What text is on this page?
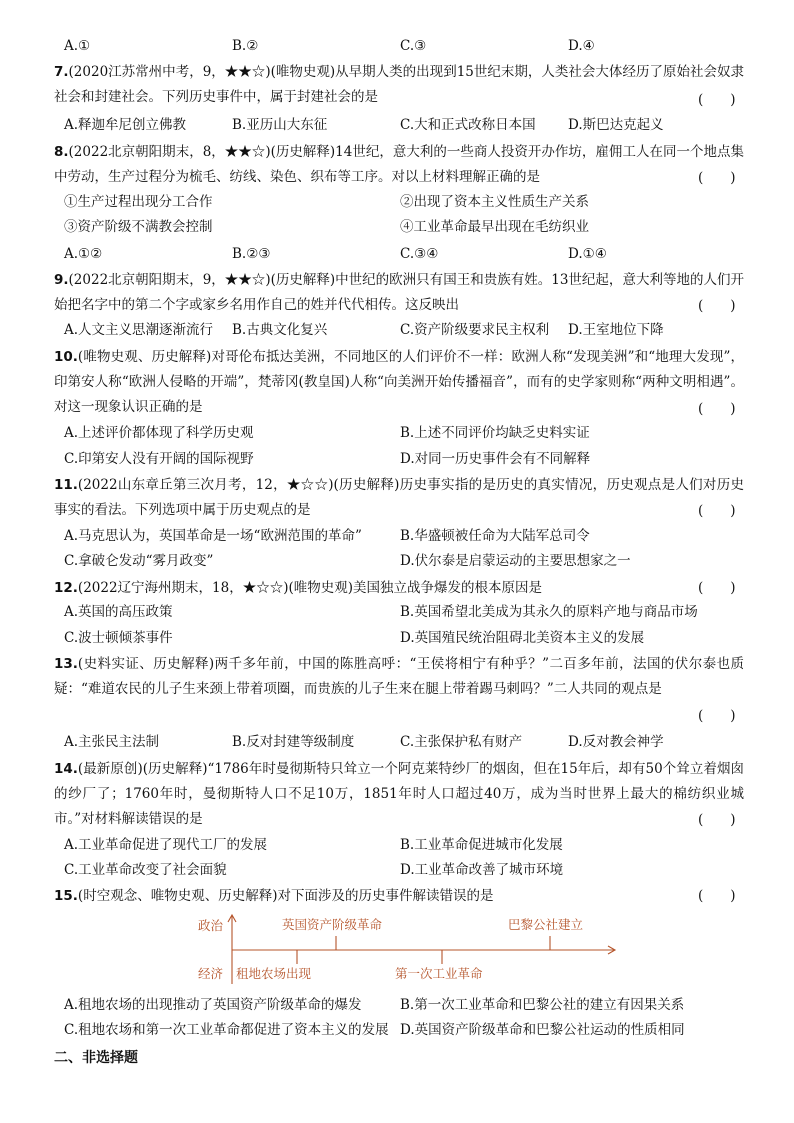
A.①	B.②	C.③	D.④
7.(2020江苏常州中考，9，★★☆)(唯物史观)从早期人类的出现到15世纪末期，人类社会大体经历了原始社会奴隶社会和封建社会。下列历史事件中，属于封建社会的是	(　　)
A.释迦牟尼创立佛教	B.亚历山大东征	C.大和正式改称日本国 D.斯巴达克起义
8.(2022北京朝阳期末，8，★★☆)(历史解释)14世纪，意大利的一些商人投资开办作坊，雇佣工人在同一个地点集中劳动，生产过程分为梳毛、纺线、染色、织布等工序。对以上材料理解正确的是	(　　)
①生产过程出现分工合作	②出现了资本主义性质生产关系
③资产阶级不满教会控制	④工业革命最早出现在毛纺织业
A.①②	B.②③	C.③④	D.①④
9.(2022北京朝阳期末，9，★★☆)(历史解释)中世纪的欧洲只有国王和贵族有姓。13世纪起，意大利等地的人们开始把名字中的第二个字或家乡名用作自己的姓并代代相传。这反映出	(　　)
A.人文主义思潮逐渐流行 B.古典文化复兴	C.资产阶级要求民主权利 D.王室地位下降
10.(唯物史观、历史解释)对哥伦布抵达美洲，不同地区的人们评价不一样：欧洲人称“发现美洲”和“地理大发现”，印第安人称“欧洲人侵略的开端”，梵蒂冈(教皇国)人称“向美洲开始传播福音”，而有的史学家则称“两种文明相遇”。对这一现象认识正确的是	(　　)
A.上述评价都体现了科学历史观	B.上述不同评价均缺乏史料实证
C.印第安人没有开阔的国际视野	D.对同一历史事件会有不同解释
11.(2022山东章丘第三次月考，12，★☆☆)(历史解释)历史事实指的是历史的真实情况，历史观点是人们对历史事实的看法。下列选项中属于历史观点的是	(　　)
A.马克思认为，英国革命是一场“欧洲范围的革命”	B.华盛顿被任命为大陆军总司令
C.拿破仑发动“雾月政变”	D.伏尔泰是启蒙运动的主要思想家之一
12.(2022辽宁海州期末，18，★☆☆)(唯物史观)美国独立战争爆发的根本原因是	(　　)
A.英国的高压政策	B.英国希望北美成为其永久的原料产地与商品市场
C.波士顿倾茶事件	D.英国殖民统治阻碍北美资本主义的发展
13.(史料实证、历史解释)两千多年前，中国的陈胜高呼：“王侯将相宁有种乎？”二百多年前，法国的伏尔泰也质疑：“难道农民的儿子生来颈上带着项圈，而贵族的儿子生来在腿上带着踢马刺吗？”二人共同的观点是
(　　)
A.主张民主法制	B.反对封建等级制度	C.主张保护私有财产	D.反对教会神学
14.(最新原创)(历史解释)“1786年时曼彻斯特只耸立一个阿克莱特纱厂的烟囱，但在15年后，却有50个耸立着烟囱的纱厂了；1760年时，曼彻斯特人口不足10万，1851年时人口超过40万，成为当时世界上最大的棉纺织业城市。”对材料解读错误的是	(　　)
A.工业革命促进了现代工厂的发展	B.工业革命促进城市化发展
C.工业革命改变了社会面貌	D.工业革命改善了城市环境
15.(时空观念、唯物史观、历史解释)对下面涉及的历史事件解读错误的是	(　　)
政治
经济
英国资产阶级革命	巴黎公社建立
租地农场出现	第一次工业革命
A.租地农场的出现推动了英国资产阶级革命的爆发	B.第一次工业革命和巴黎公社的建立有因果关系
C.租地农场和第一次工业革命都促进了资本主义的发展 D.英国资产阶级革命和巴黎公社运动的性质相同
二、非选择题
